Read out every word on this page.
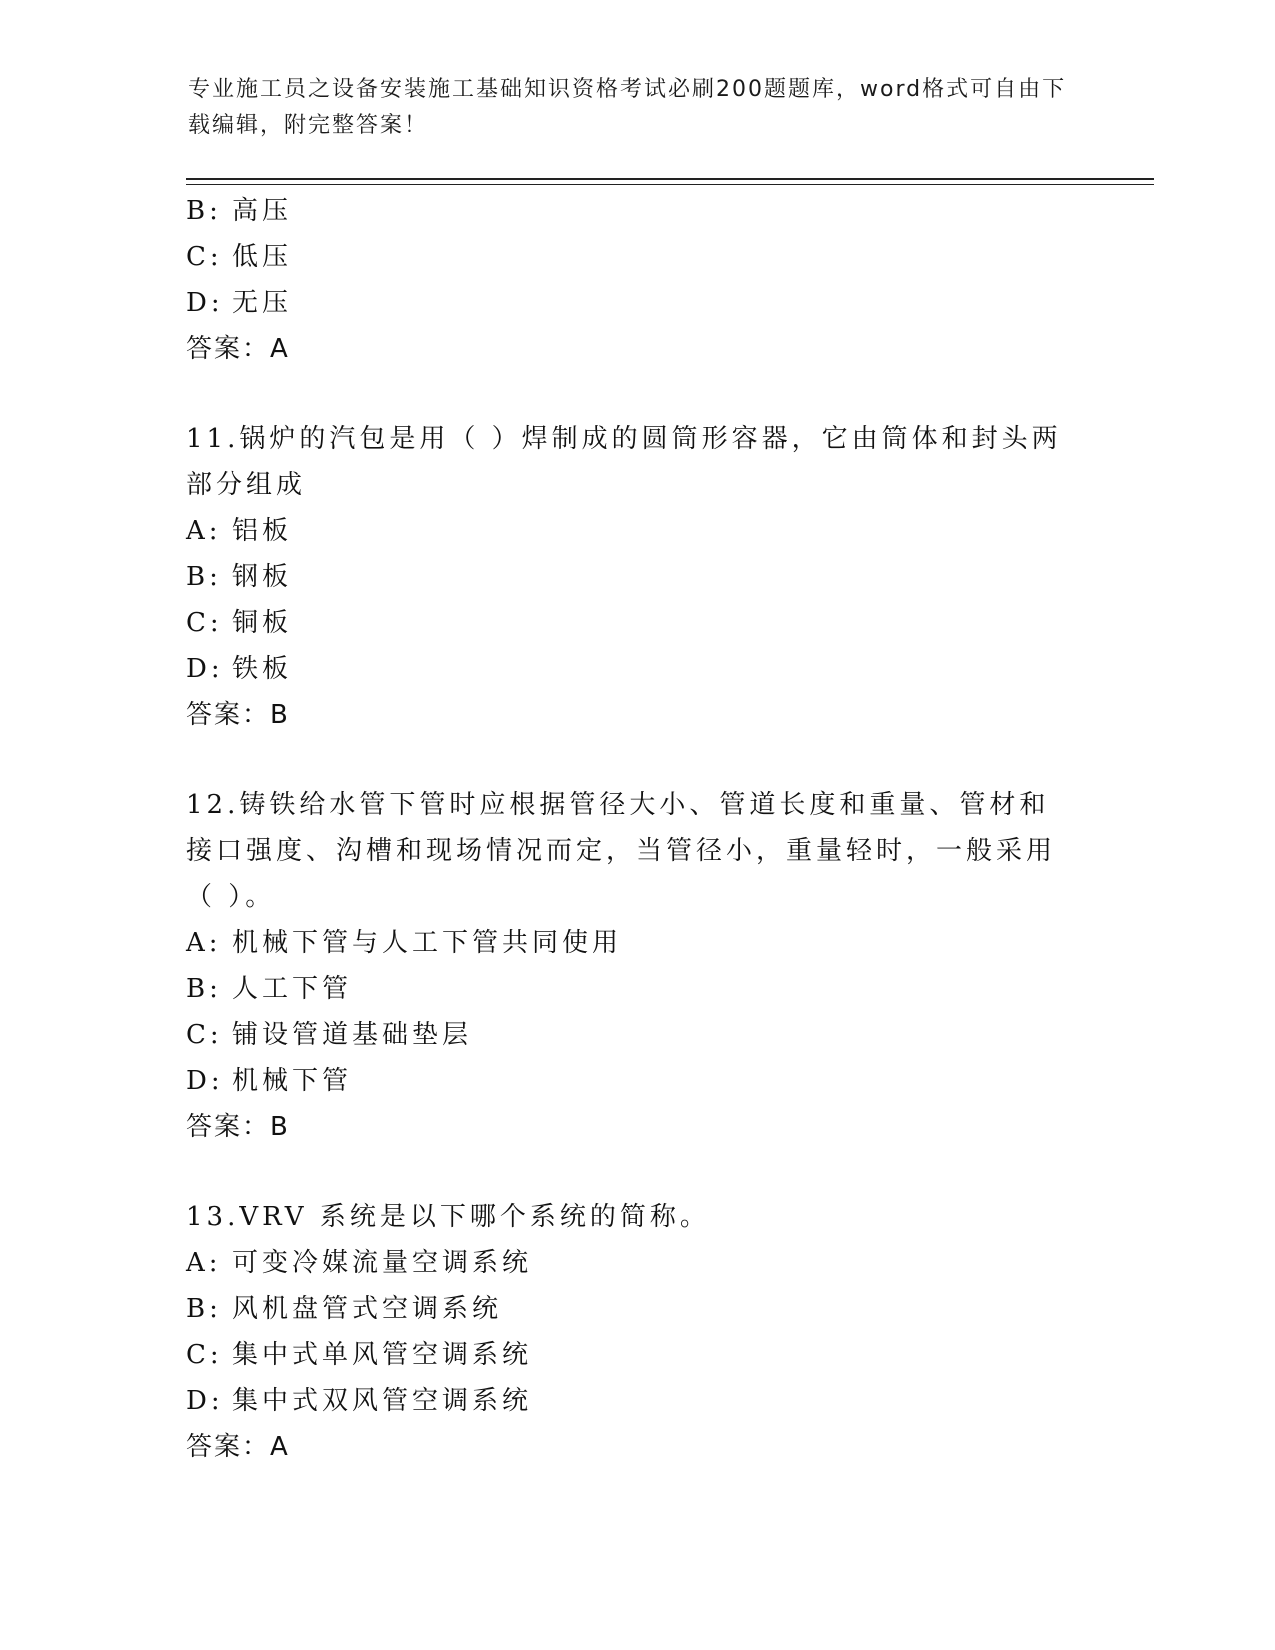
专业施工员之设备安装施工基础知识资格考试必刷200题题库，word格式可自由下载编辑，附完整答案！
B: 高压
C: 低压
D: 无压
答案：A
11.锅炉的汽包是用（ ）焊制成的圆筒形容器，它由筒体和封头两部分组成
A: 铝板
B: 钢板
C: 铜板
D: 铁板
答案：B
12.铸铁给水管下管时应根据管径大小、管道长度和重量、管材和接口强度、沟槽和现场情况而定，当管径小，重量轻时，一般采用（ ）。
A: 机械下管与人工下管共同使用
B: 人工下管
C: 铺设管道基础垫层
D: 机械下管
答案：B
13.VRV 系统是以下哪个系统的简称。
A: 可变冷媒流量空调系统
B: 风机盘管式空调系统
C: 集中式单风管空调系统
D: 集中式双风管空调系统
答案：A
